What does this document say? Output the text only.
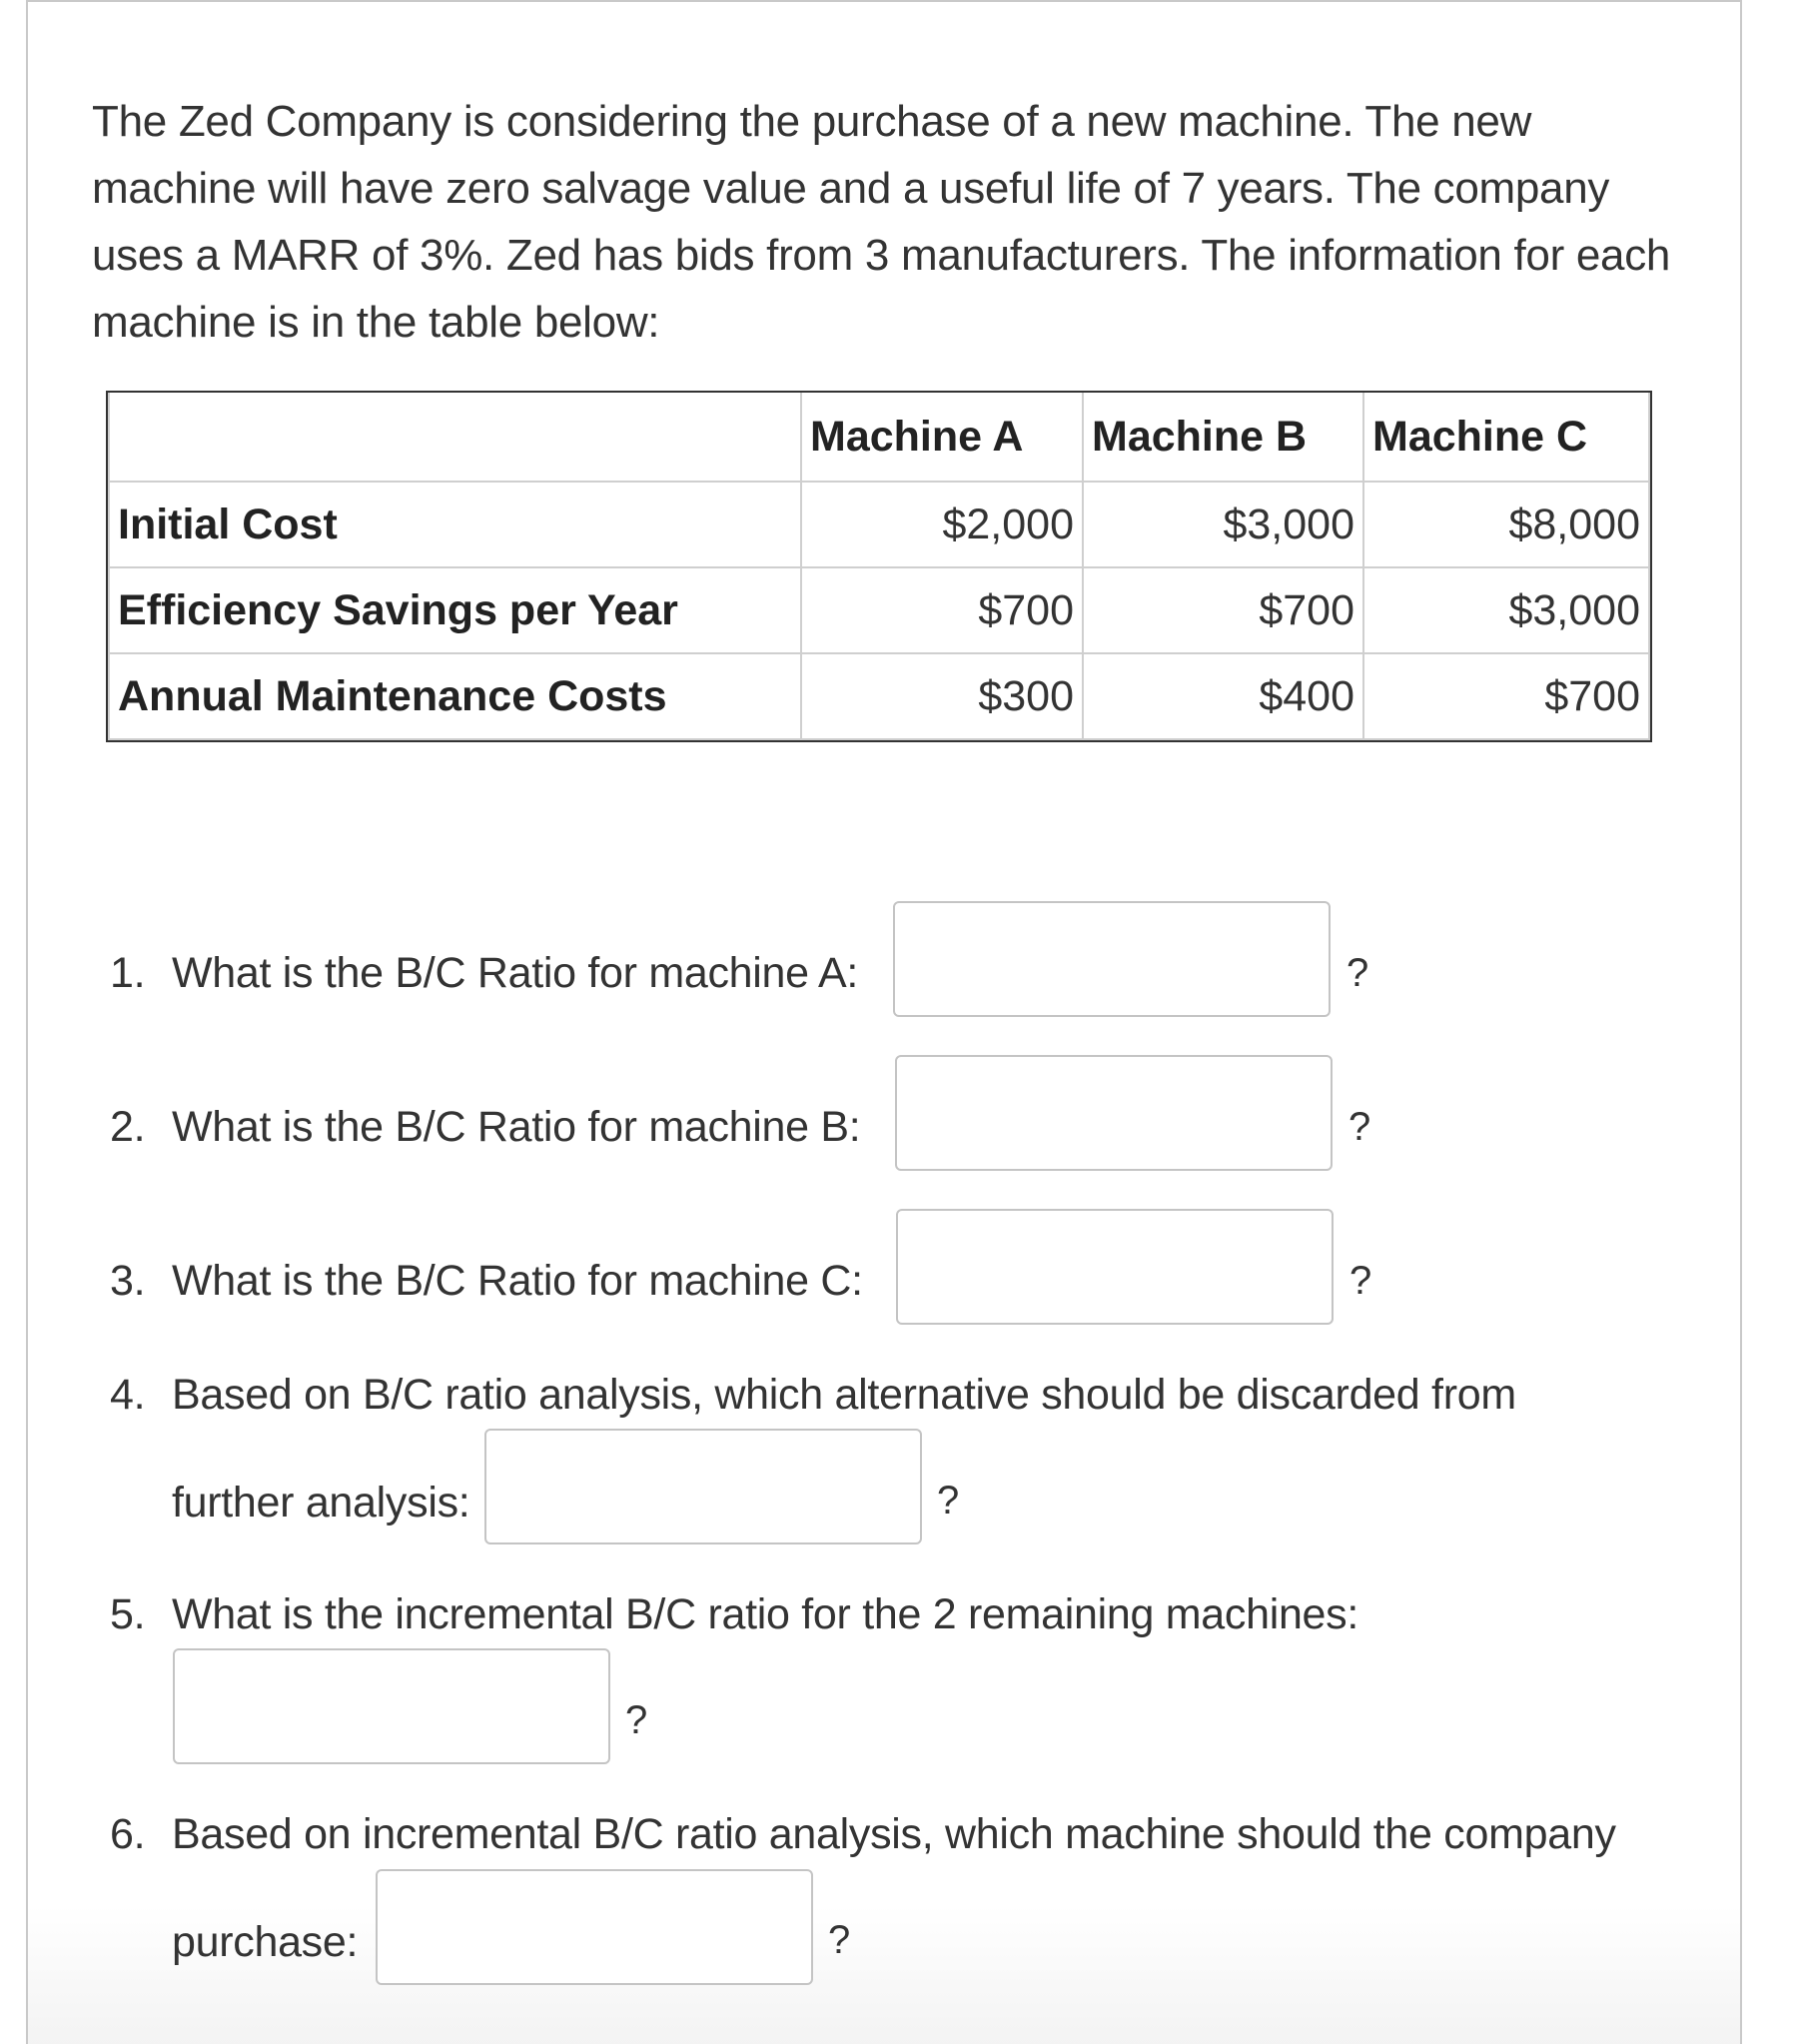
The Zed Company is considering the purchase of a new machine. The new machine will have zero salvage value and a useful life of 7 years. The company uses a MARR of 3%. Zed has bids from 3 manufacturers. The information for each machine is in the table below:

	Machine A	Machine B	Machine C
Initial Cost	$2,000	$3,000	$8,000
Efficiency Savings per Year	$700	$700	$3,000
Annual Maintenance Costs	$300	$400	$700
1. What is the B/C Ratio for machine A:	?
2. What is the B/C Ratio for machine B:	?
3. What is the B/C Ratio for machine C:	?
4. Based on B/C ratio analysis, which alternative should be discarded from
further analysis:	?
5. What is the incremental B/C ratio for the 2 remaining machines:
?
6. Based on incremental B/C ratio analysis, which machine should the company
purchase:	?
